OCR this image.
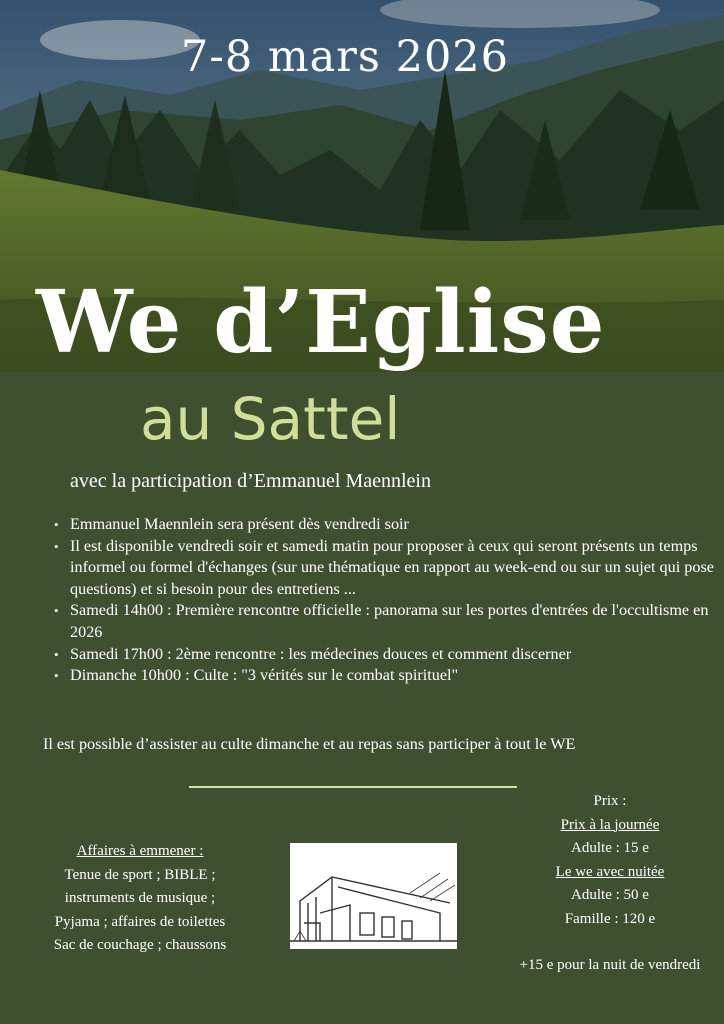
7-8 mars 2026
We d’Eglise
au Sattel
avec la participation d’Emmanuel Maennlein
• Emmanuel Maennlein sera présent dès vendredi soir
• Il est disponible vendredi soir et samedi matin pour proposer à ceux qui seront présents un temps informel ou formel d'échanges (sur une thématique en rapport au week-end ou sur un sujet qui pose questions) et si besoin pour des entretiens ...
• Samedi 14h00 : Première rencontre officielle : panorama sur les portes d'entrées de l'occultisme en 2026
• Samedi 17h00 : 2ème rencontre : les médecines douces et comment discerner
• Dimanche 10h00 : Culte : "3 vérités sur le combat spirituel"
Il est possible d’assister au culte dimanche et au repas sans participer à tout le WE
Affaires à emmener :
Tenue de sport ; BIBLE ;
instruments de musique ;
Pyjama ; affaires de toilettes
Sac de couchage ; chaussons
Prix :
Prix à la journée
Adulte : 15 e
Le we avec nuitée
Adulte : 50 e
Famille : 120 e
+15 e pour la nuit de vendredi
